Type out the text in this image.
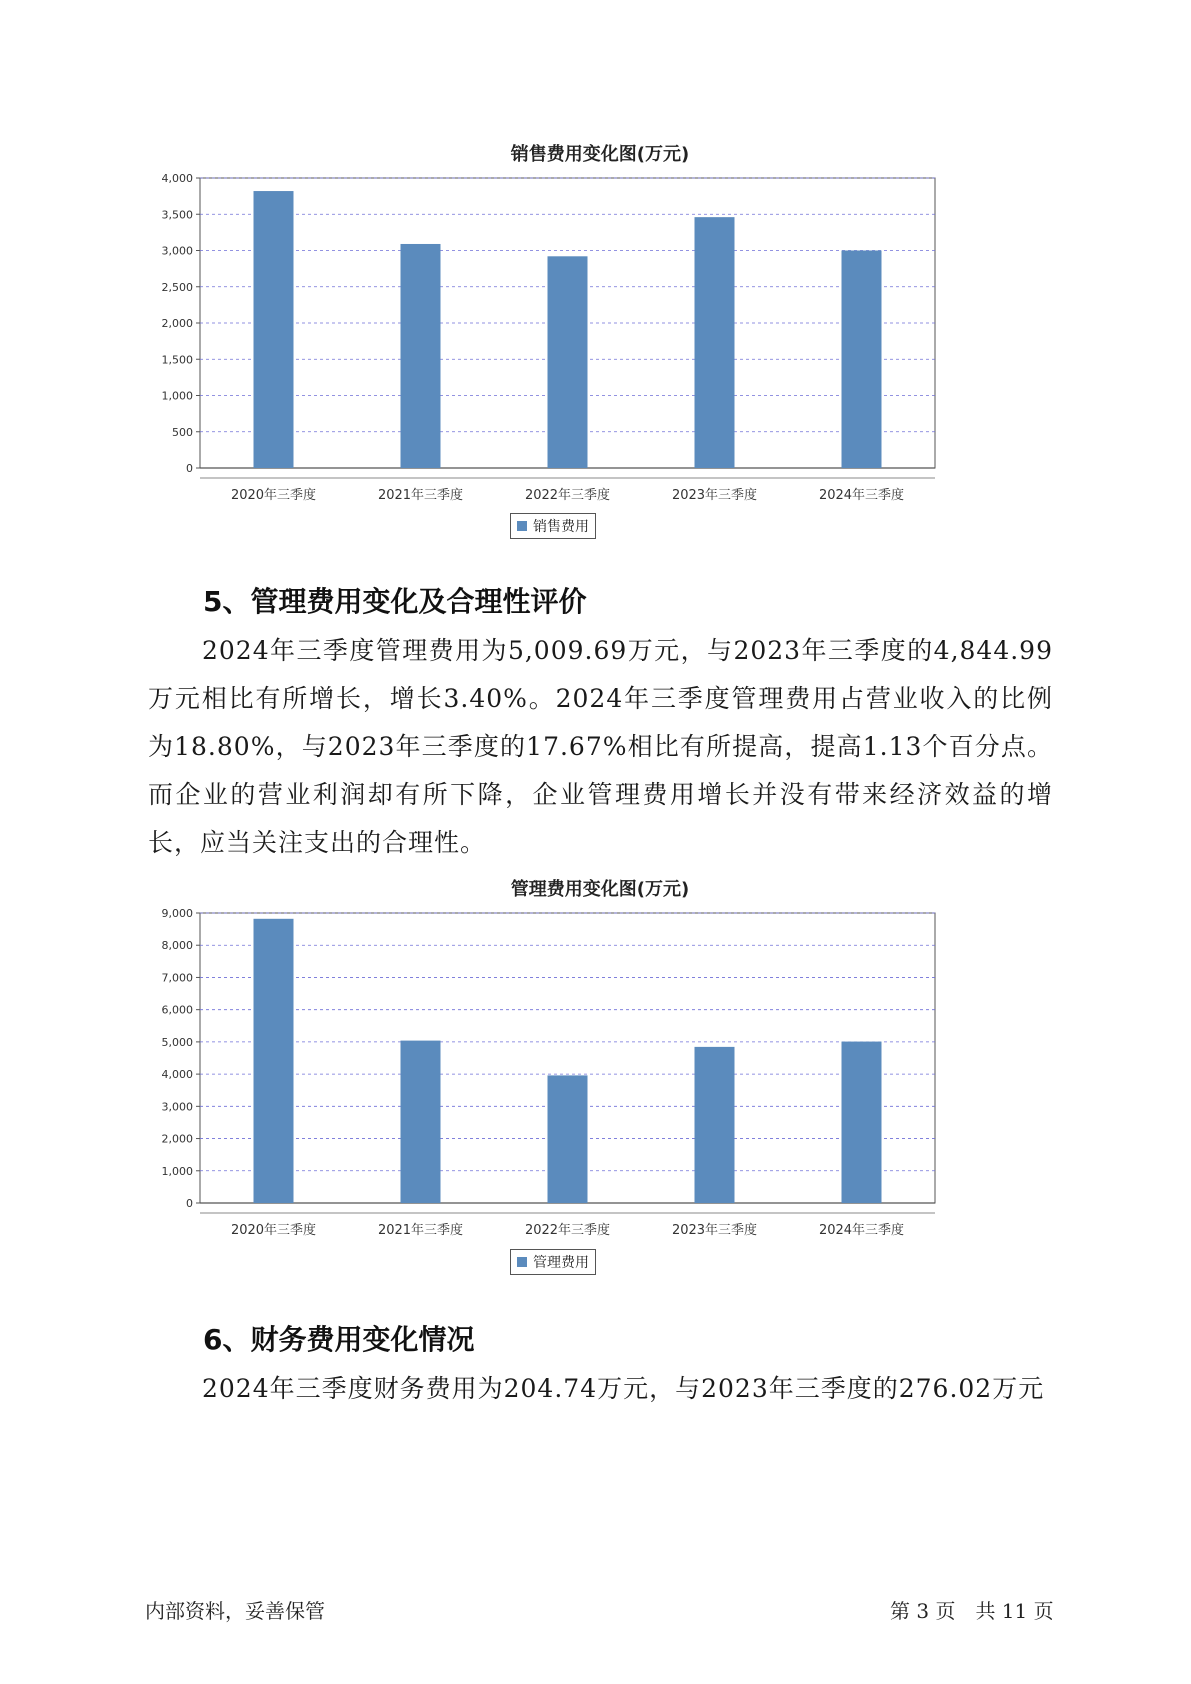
销售费用变化图(万元)
0
500
1,000
1,500
2,000
2,500
3,000
3,500
4,000
2020年三季度	2021年三季度	2022年三季度	2023年三季度	2024年三季度
销售费用
5、管理费用变化及合理性评价

2024年三季度管理费用为5,009.69万元，与2023年三季度的4,844.99万元相比有所增长，增长3.40%。2024年三季度管理费用占营业收入的比例为18.80%，与2023年三季度的17.67%相比有所提高，提高1.13个百分点。而企业的营业利润却有所下降，企业管理费用增长并没有带来经济效益的增长，应当关注支出的合理性。

管理费用变化图(万元)
0
1,000
2,000
3,000
4,000
5,000
6,000
7,000
8,000
9,000
2020年三季度	2021年三季度	2022年三季度	2023年三季度	2024年三季度
管理费用
6、财务费用变化情况

2024年三季度财务费用为204.74万元，与2023年三季度的276.02万元

内部资料，妥善保管	第 3 页　共 11 页
